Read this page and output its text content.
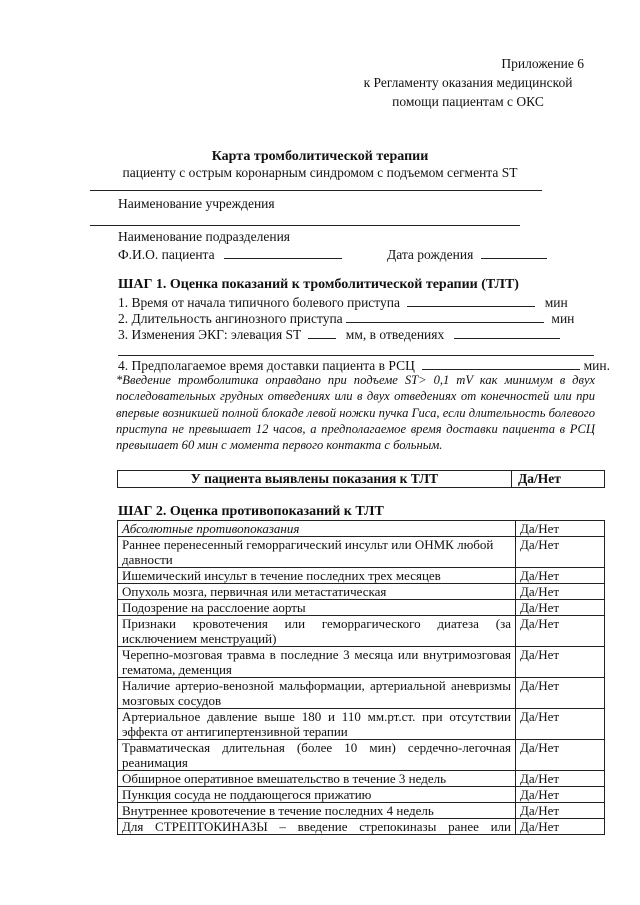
Приложение 6
к Регламенту оказания медицинской
помощи пациентам с ОКС
Карта тромболитической терапии
пациенту с острым коронарным синдромом с подъемом сегмента ST
Наименование учреждения
Наименование подразделения
Ф.И.О. пациента	Дата рождения
ШАГ 1. Оценка показаний к тромболитической терапии (ТЛТ)
1. Время от начала типичного болевого приступа	мин
2. Длительность ангинозного приступа	мин
3. Изменения ЭКГ: элевация ST	мм, в отведениях
4. Предполагаемое время доставки пациента в РСЦ	мин.
*Введение тромболитика оправдано при подъеме ST> 0,1 mV как минимум в двух последовательных грудных отведениях или в двух отведениях от конечностей или при впервые возникшей полной блокаде левой ножки пучка Гиса, если длительность болевого приступа не превышает 12 часов, а предполагаемое время доставки пациента в РСЦ превышает 60 мин с момента первого контакта с больным.
У пациента выявлены показания к ТЛТ	Да/Нет
ШАГ 2. Оценка противопоказаний к ТЛТ
Абсолютные противопоказания	Да/Нет
Раннее перенесенный геморрагический инсульт или ОНМК любой давности	Да/Нет
Ишемический инсульт в течение последних трех месяцев	Да/Нет
Опухоль мозга, первичная или метастатическая	Да/Нет
Подозрение на расслоение аорты	Да/Нет
Признаки кровотечения или геморрагического диатеза (за исключением менструаций)	Да/Нет
Черепно-мозговая травма в последние 3 месяца или внутримозговая гематома, деменция	Да/Нет
Наличие артерио-венозной мальформации, артериальной аневризмы мозговых сосудов	Да/Нет
Артериальное давление выше 180 и 110 мм.рт.ст. при отсутствии эффекта от антигипертензивной терапии	Да/Нет
Травматическая длительная (более 10 мин) сердечно-легочная реанимация	Да/Нет
Обширное оперативное вмешательство в течение 3 недель	Да/Нет
Пункция сосуда не поддающегося прижатию	Да/Нет
Внутреннее кровотечение в течение последних 4 недель	Да/Нет
Для СТРЕПТОКИНАЗЫ – введение стрепокиназы ранее или	Да/Нет
